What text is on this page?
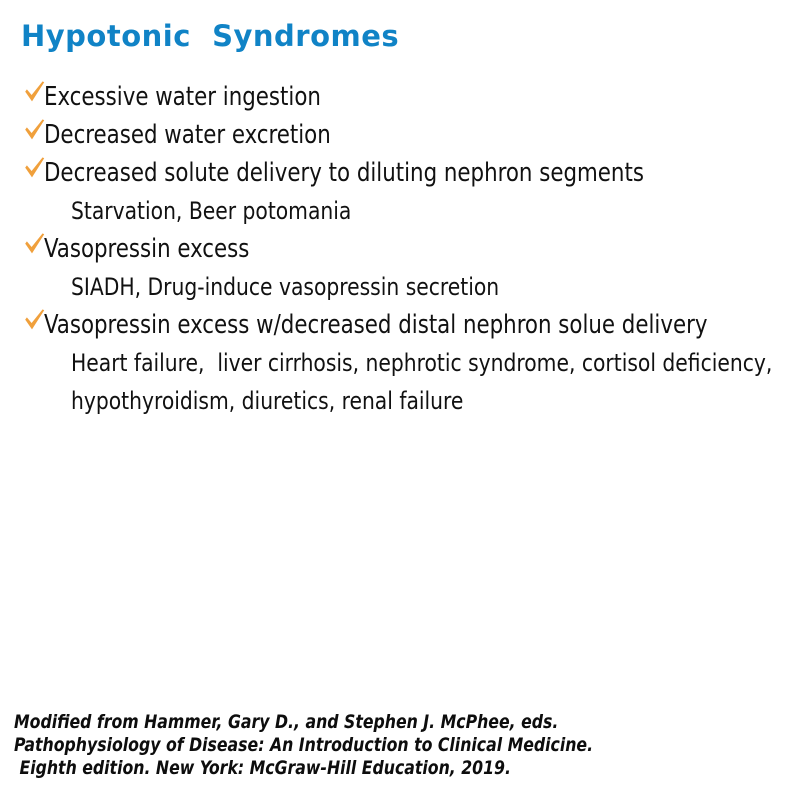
Hypotonic  Syndromes
Excessive water ingestion
Decreased water excretion
Decreased solute delivery to diluting nephron segments
Starvation, Beer potomania
Vasopressin excess
SIADH, Drug-induce vasopressin secretion
Vasopressin excess w/decreased distal nephron solue delivery
Heart failure,  liver cirrhosis, nephrotic syndrome, cortisol deficiency,
hypothyroidism, diuretics, renal failure
Modified from Hammer, Gary D., and Stephen J. McPhee, eds.
Pathophysiology of Disease: An Introduction to Clinical Medicine.
Eighth edition. New York: McGraw-Hill Education, 2019.
